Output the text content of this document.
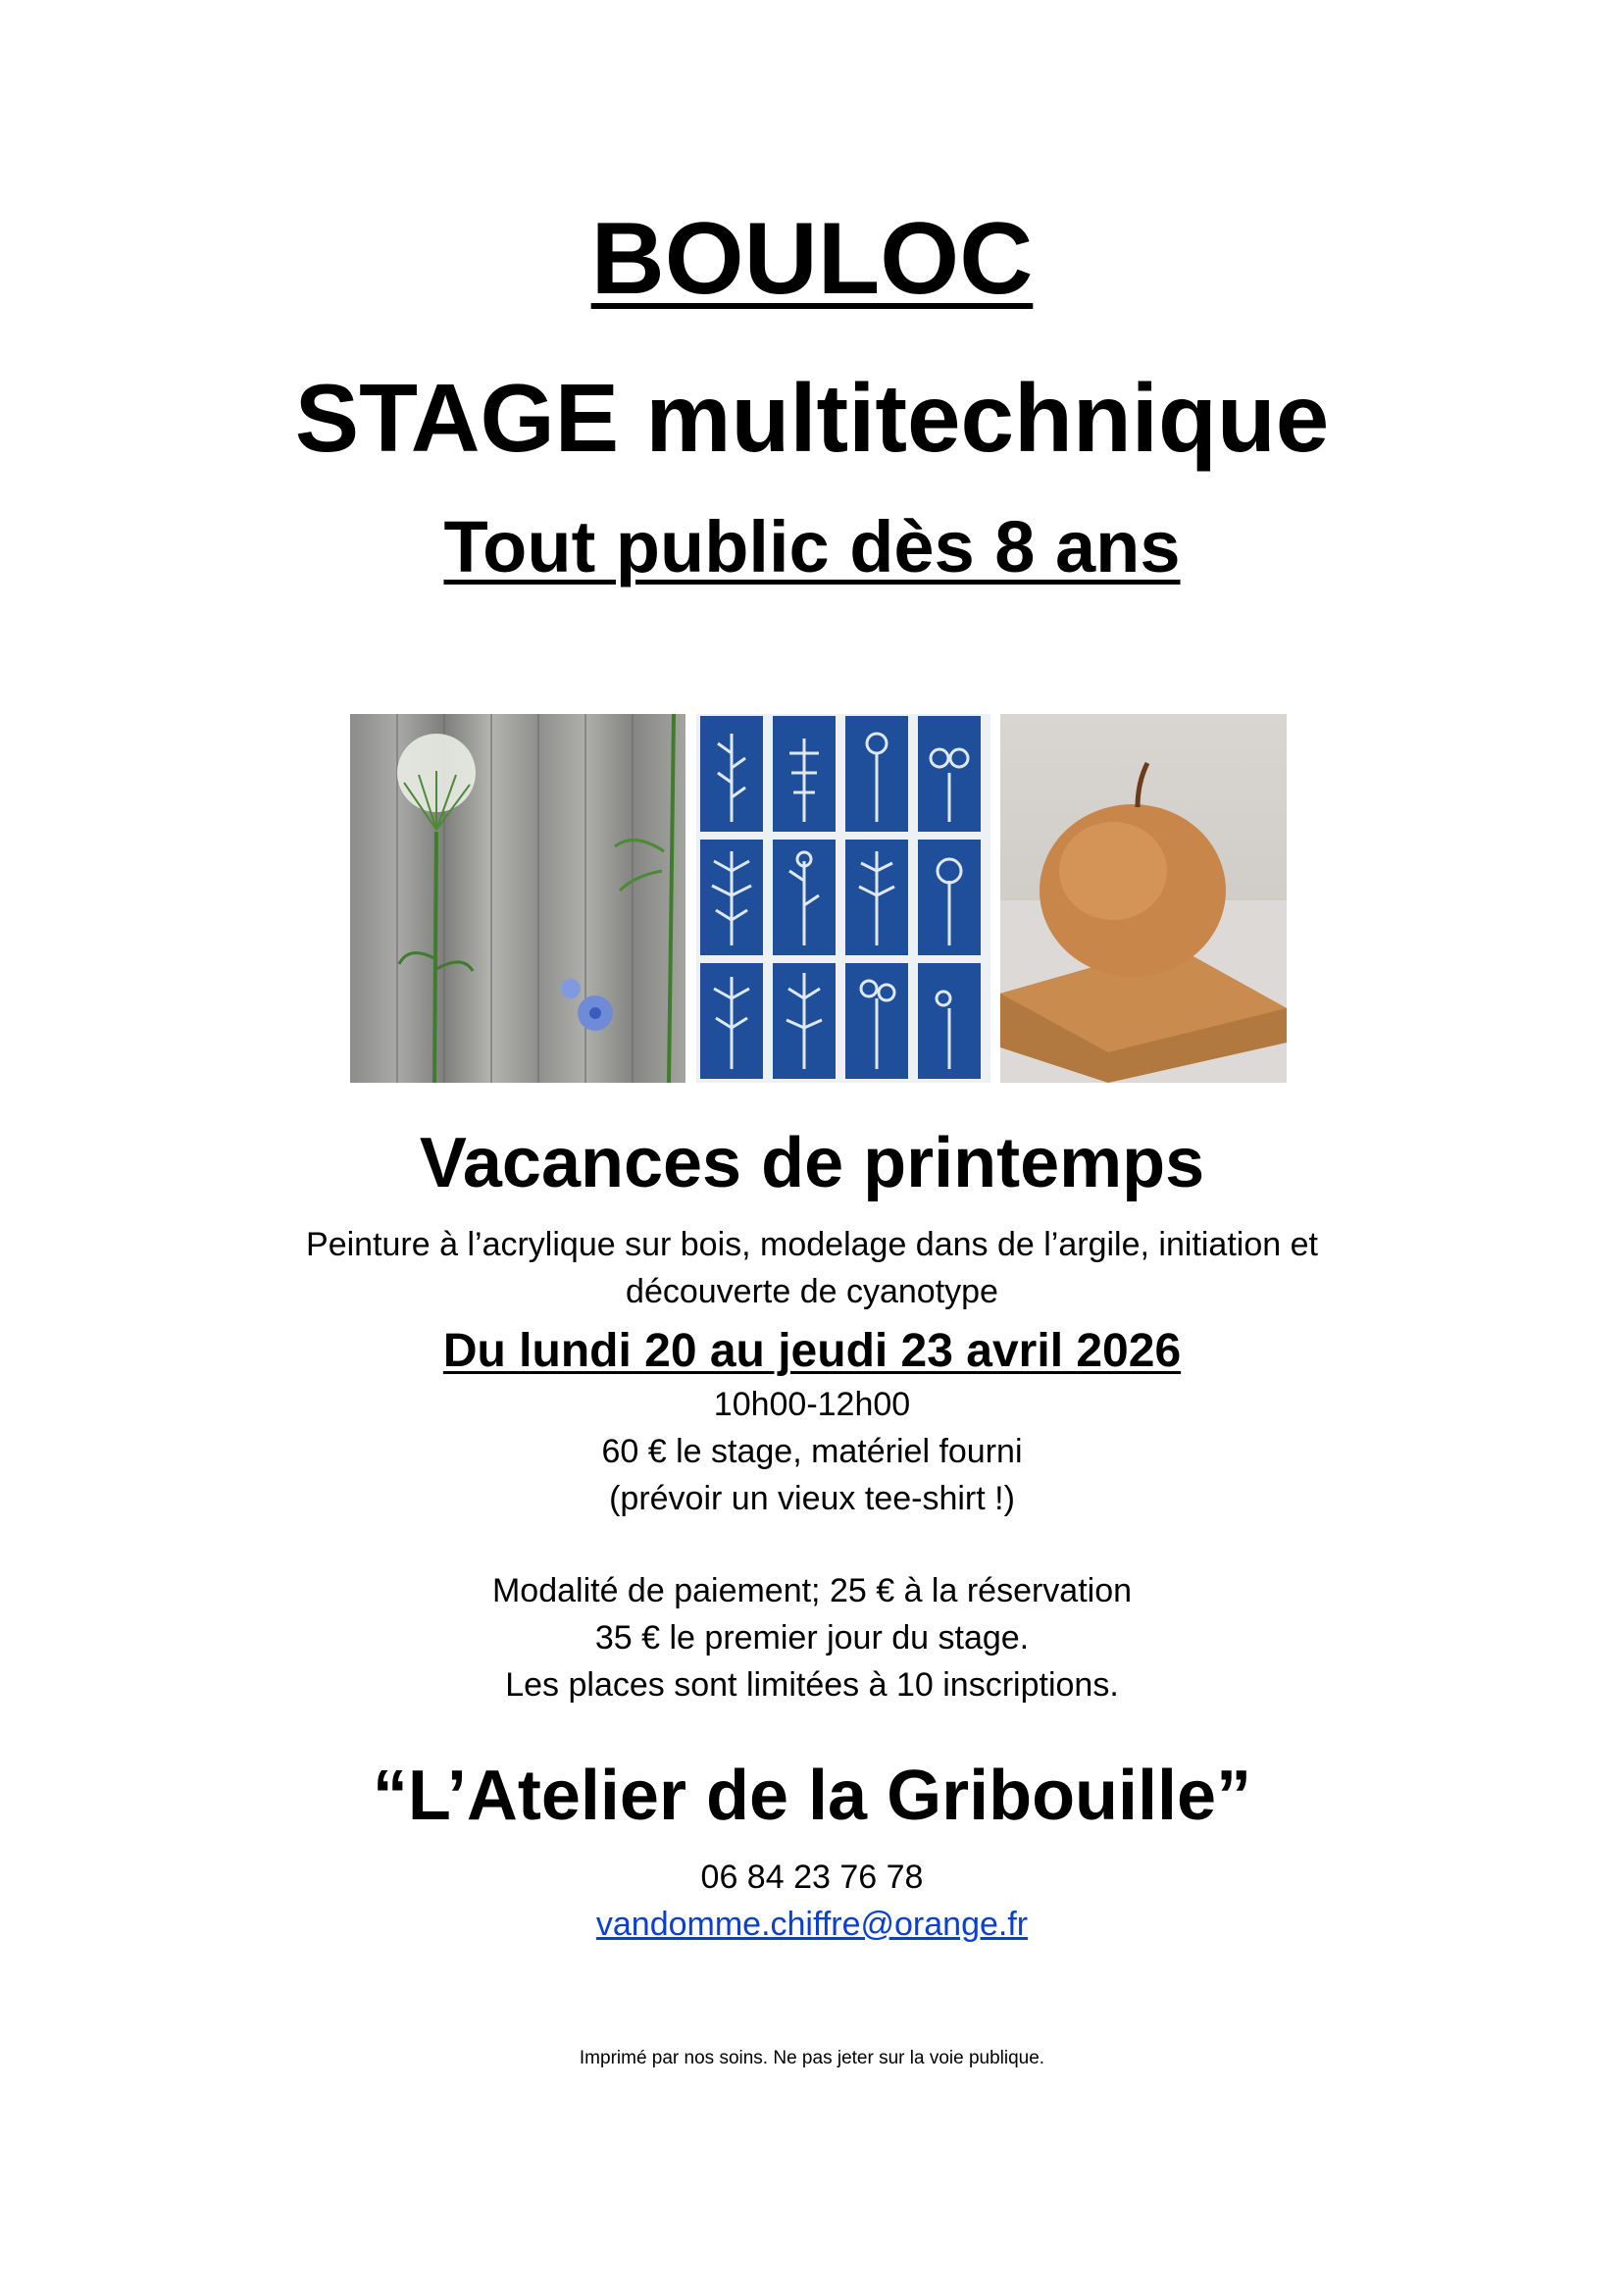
BOULOC
STAGE multitechnique
Tout public dès 8 ans
Vacances de printemps
Peinture à l’acrylique sur bois, modelage dans de l’argile, initiation et
découverte de cyanotype
Du lundi 20 au jeudi 23 avril 2026
10h00-12h00
60 € le stage, matériel fourni
(prévoir un vieux tee-shirt !)
Modalité de paiement; 25 € à la réservation
35 € le premier jour du stage.
Les places sont limitées à 10 inscriptions.
“L’Atelier de la Gribouille”
06 84 23 76 78
vandomme.chiffre@orange.fr
Imprimé par nos soins. Ne pas jeter sur la voie publique.
